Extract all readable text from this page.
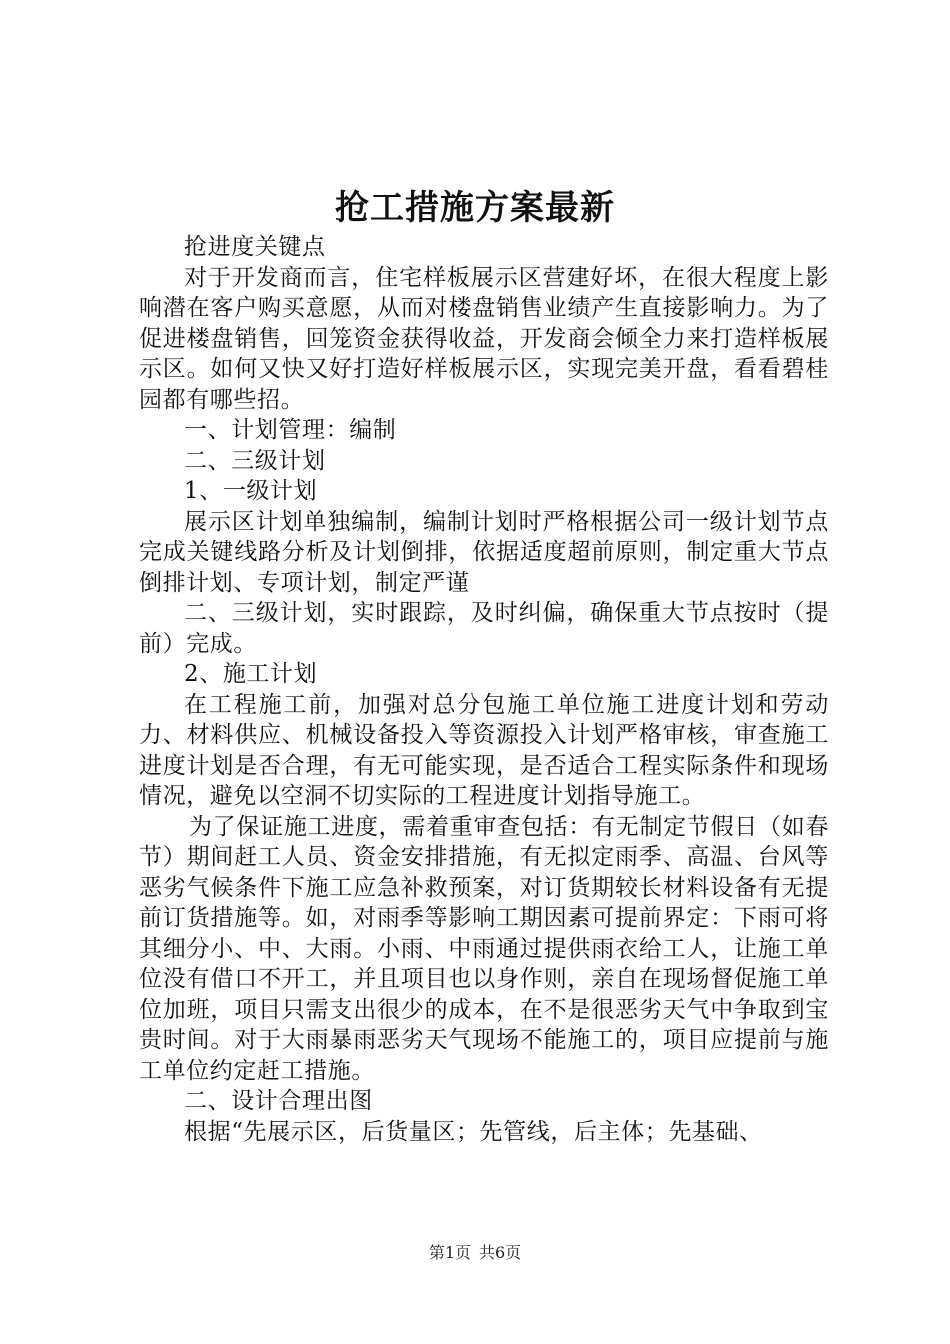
抢工措施方案最新

抢进度关键点

对于开发商而言，住宅样板展示区营建好坏，在很大程度上影响潜在客户购买意愿，从而对楼盘销售业绩产生直接影响力。为了促进楼盘销售，回笼资金获得收益，开发商会倾全力来打造样板展示区。如何又快又好打造好样板展示区，实现完美开盘，看看碧桂园都有哪些招。

一、计划管理：编制

二、三级计划

1、一级计划

展示区计划单独编制，编制计划时严格根据公司一级计划节点完成关键线路分析及计划倒排，依据适度超前原则，制定重大节点倒排计划、专项计划，制定严谨

二、三级计划，实时跟踪，及时纠偏，确保重大节点按时（提前）完成。

2、施工计划

在工程施工前，加强对总分包施工单位施工进度计划和劳动力、材料供应、机械设备投入等资源投入计划严格审核，审查施工进度计划是否合理，有无可能实现，是否适合工程实际条件和现场情况，避免以空洞不切实际的工程进度计划指导施工。

为了保证施工进度，需着重审查包括：有无制定节假日（如春节）期间赶工人员、资金安排措施，有无拟定雨季、高温、台风等恶劣气候条件下施工应急补救预案，对订货期较长材料设备有无提前订货措施等。如，对雨季等影响工期因素可提前界定：下雨可将其细分小、中、大雨。小雨、中雨通过提供雨衣给工人，让施工单位没有借口不开工，并且项目也以身作则，亲自在现场督促施工单位加班，项目只需支出很少的成本，在不是很恶劣天气中争取到宝贵时间。对于大雨暴雨恶劣天气现场不能施工的，项目应提前与施工单位约定赶工措施。

二、设计合理出图

根据“先展示区，后货量区；先管线，后主体；先基础、

第1页 共6页
